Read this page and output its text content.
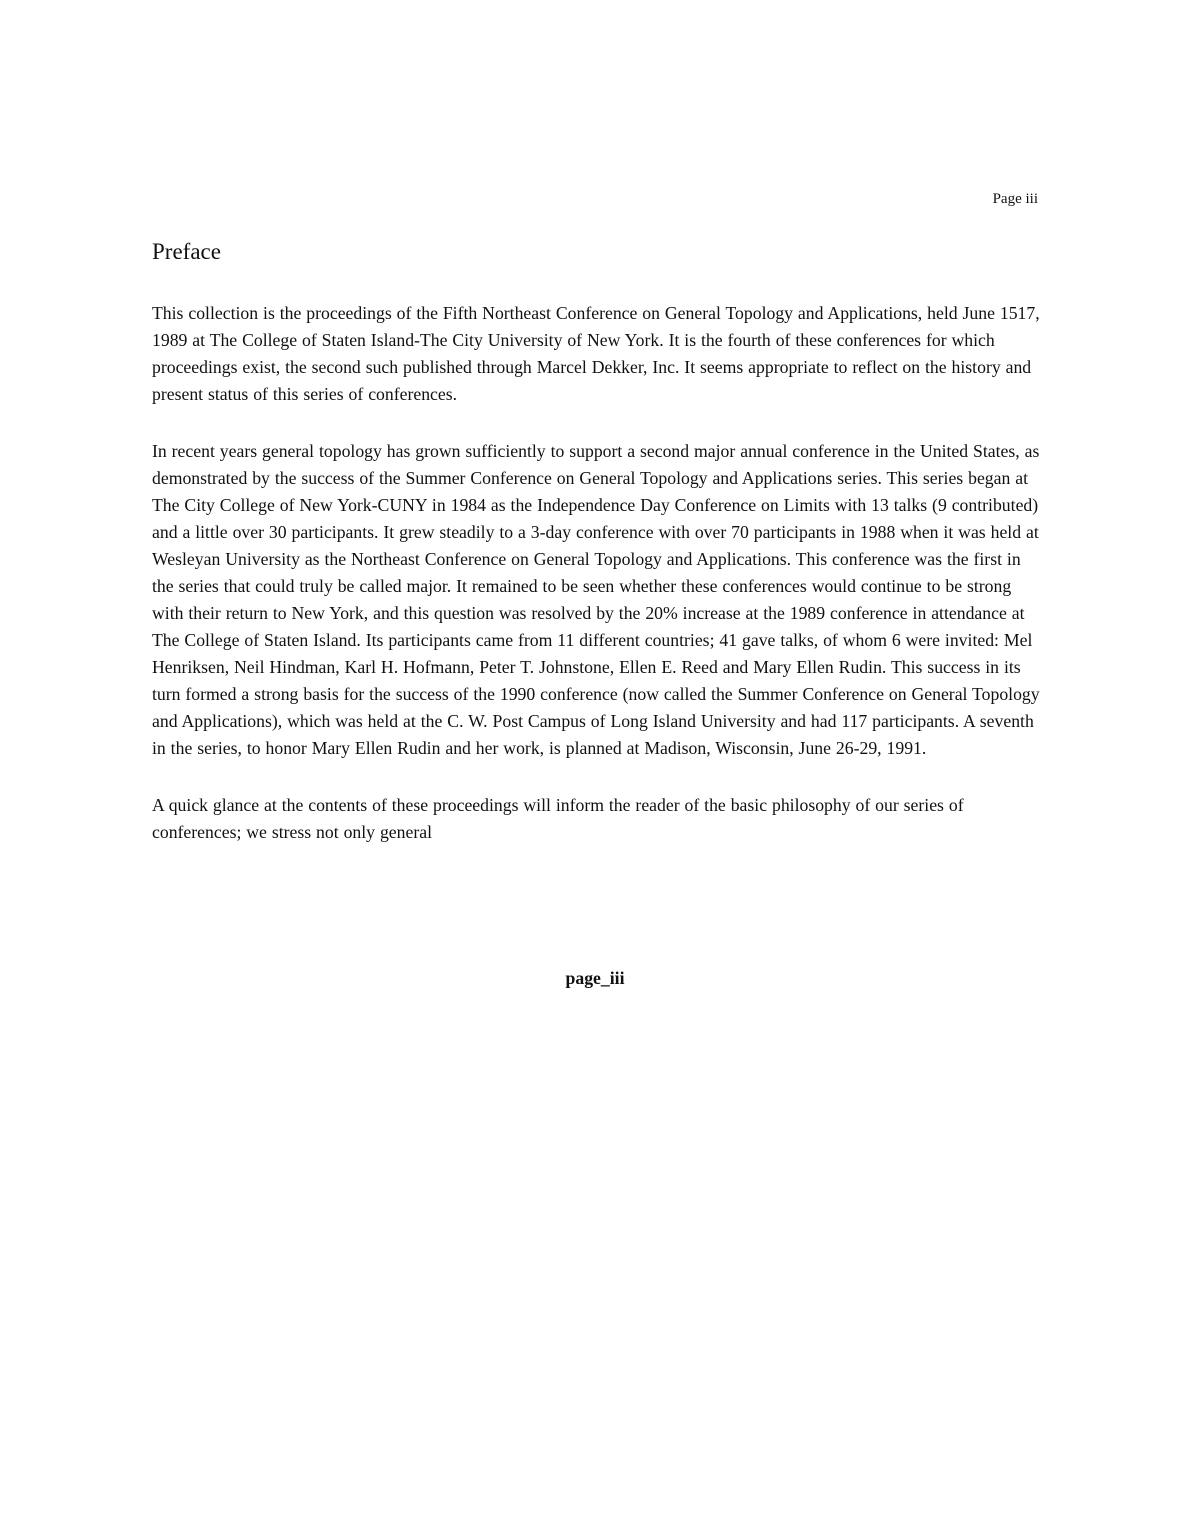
Page iii
Preface

This collection is the proceedings of the Fifth Northeast Conference on General Topology and Applications, held June 1517, 1989 at The College of Staten Island-The City University of New York. It is the fourth of these conferences for which proceedings exist, the second such published through Marcel Dekker, Inc. It seems appropriate to reflect on the history and present status of this series of conferences.

In recent years general topology has grown sufficiently to support a second major annual conference in the United States, as demonstrated by the success of the Summer Conference on General Topology and Applications series. This series began at The City College of New York-CUNY in 1984 as the Independence Day Conference on Limits with 13 talks (9 contributed) and a little over 30 participants. It grew steadily to a 3-day conference with over 70 participants in 1988 when it was held at Wesleyan University as the Northeast Conference on General Topology and Applications. This conference was the first in the series that could truly be called major. It remained to be seen whether these conferences would continue to be strong with their return to New York, and this question was resolved by the 20% increase at the 1989 conference in attendance at The College of Staten Island. Its participants came from 11 different countries; 41 gave talks, of whom 6 were invited: Mel Henriksen, Neil Hindman, Karl H. Hofmann, Peter T. Johnstone, Ellen E. Reed and Mary Ellen Rudin. This success in its turn formed a strong basis for the success of the 1990 conference (now called the Summer Conference on General Topology and Applications), which was held at the C. W. Post Campus of Long Island University and had 117 participants. A seventh in the series, to honor Mary Ellen Rudin and her work, is planned at Madison, Wisconsin, June 26-29, 1991.

A quick glance at the contents of these proceedings will inform the reader of the basic philosophy of our series of conferences; we stress not only general

page_iii
